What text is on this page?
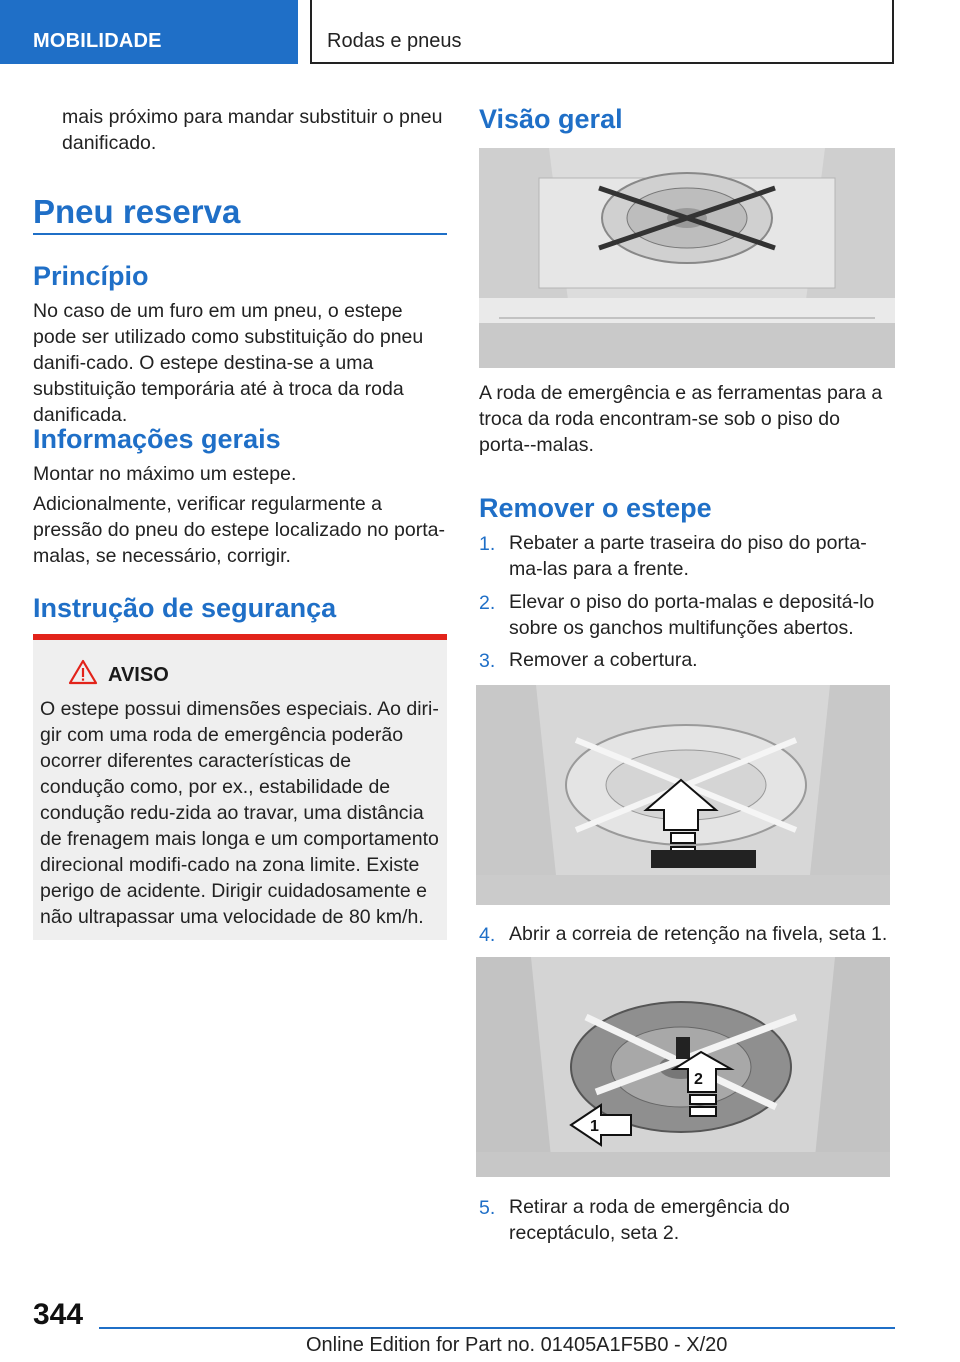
MOBILIDADE	Rodas e pneus
mais próximo para mandar substituir o pneu danificado.
Pneu reserva
Princípio
No caso de um furo em um pneu, o estepe pode ser utilizado como substituição do pneu danifi-cado. O estepe destina-se a uma substituição temporária até à troca da roda danificada.
Informações gerais
Montar no máximo um estepe.
Adicionalmente, verificar regularmente a pressão do pneu do estepe localizado no porta-malas, se necessário, corrigir.
Instrução de segurança
AVISO
O estepe possui dimensões especiais. Ao diri-gir com uma roda de emergência poderão ocorrer diferentes características de condução como, por ex., estabilidade de condução redu-zida ao travar, uma distância de frenagem mais longa e um comportamento direcional modifi-cado na zona limite. Existe perigo de acidente. Dirigir cuidadosamente e não ultrapassar uma velocidade de 80 km/h.
Visão geral
A roda de emergência e as ferramentas para a troca da roda encontram-se sob o piso do porta--malas.
Remover o estepe
1. Rebater a parte traseira do piso do porta-ma-las para a frente.
2. Elevar o piso do porta-malas e depositá-lo sobre os ganchos multifunções abertos.
3. Remover a cobertura.
4. Abrir a correia de retenção na fivela, seta 1.
2
1
5. Retirar a roda de emergência do receptáculo, seta 2.
344
Online Edition for Part no. 01405A1F5B0 - X/20
